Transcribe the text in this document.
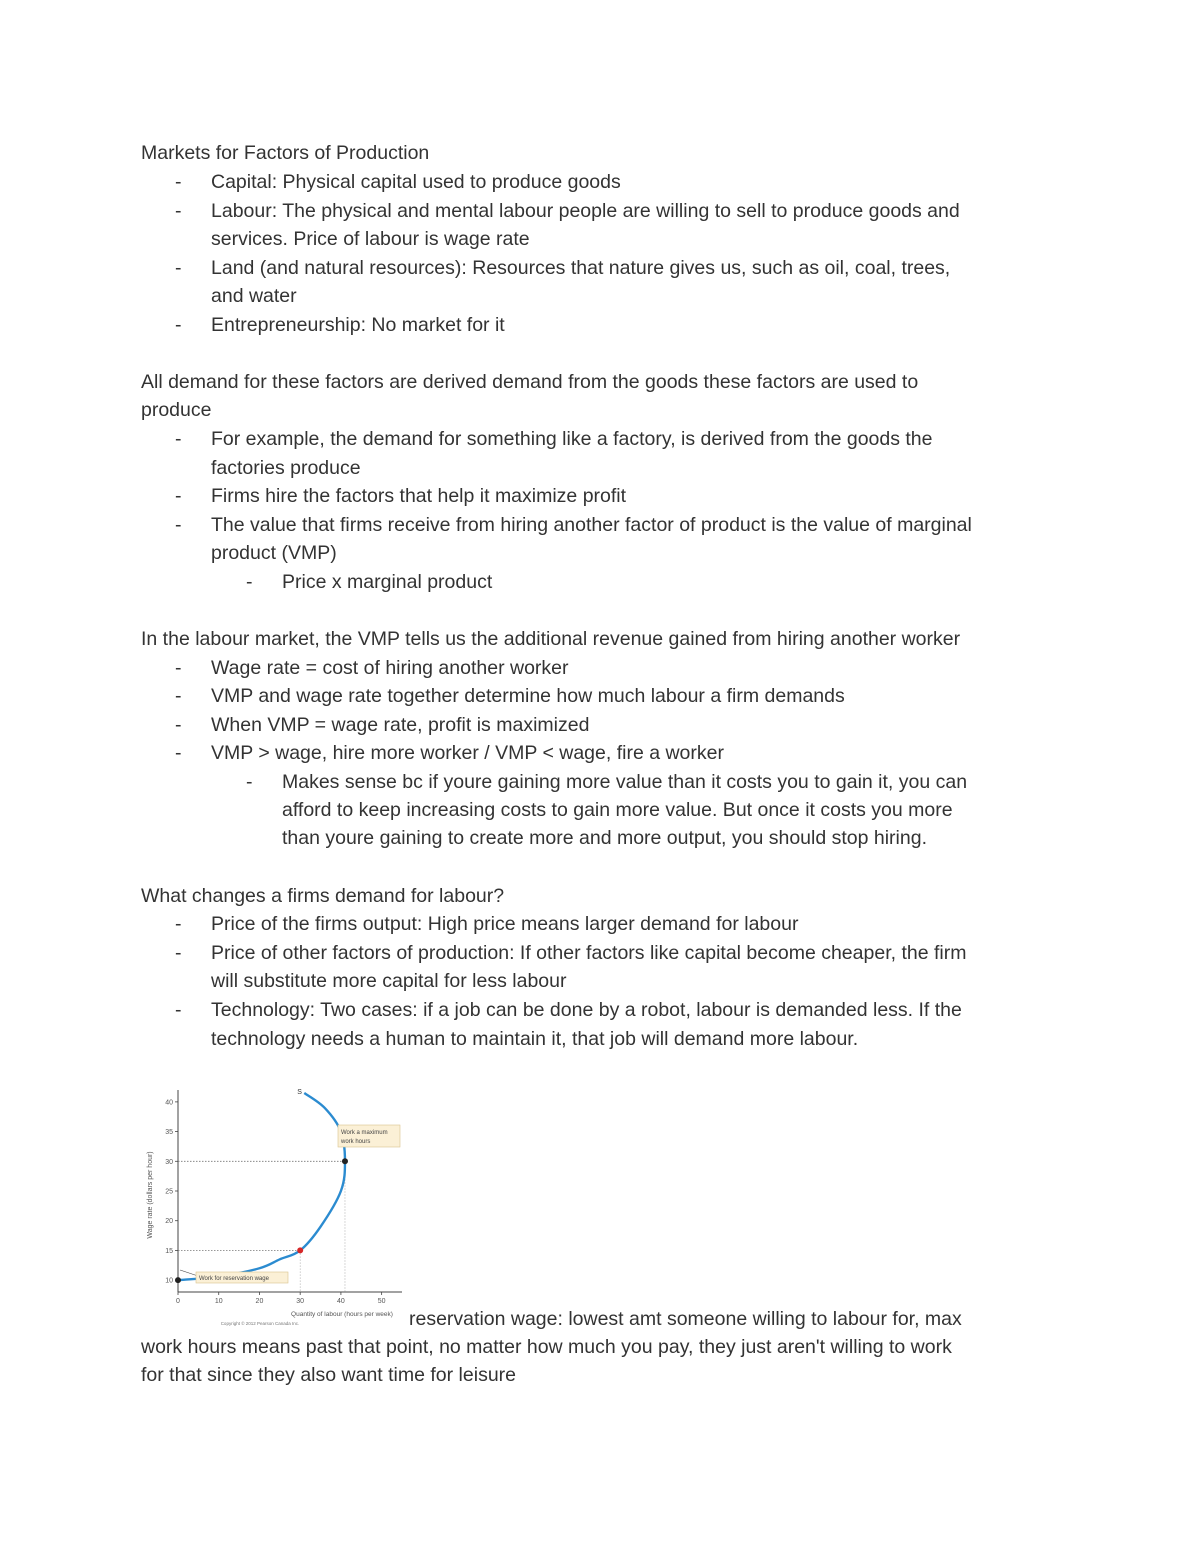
Markets for Factors of Production
- Capital: Physical capital used to produce goods
- Labour: The physical and mental labour people are willing to sell to produce goods and
services. Price of labour is wage rate
- Land (and natural resources): Resources that nature gives us, such as oil, coal, trees,
and water
- Entrepreneurship: No market for it
All demand for these factors are derived demand from the goods these factors are used to
produce
- For example, the demand for something like a factory, is derived from the goods the
factories produce
- Firms hire the factors that help it maximize profit
- The value that firms receive from hiring another factor of product is the value of marginal
product (VMP)
- Price x marginal product
In the labour market, the VMP tells us the additional revenue gained from hiring another worker
- Wage rate = cost of hiring another worker
- VMP and wage rate together determine how much labour a firm demands
- When VMP = wage rate, profit is maximized
- VMP > wage, hire more worker / VMP < wage, fire a worker
- Makes sense bc if youre gaining more value than it costs you to gain it, you can
afford to keep increasing costs to gain more value. But once it costs you more
than youre gaining to create more and more output, you should stop hiring.
What changes a firms demand for labour?
- Price of the firms output: High price means larger demand for labour
- Price of other factors of production: If other factors like capital become cheaper, the firm
will substitute more capital for less labour
- Technology: Two cases: if a job can be done by a robot, labour is demanded less. If the
technology needs a human to maintain it, that job will demand more labour.
Wage rate (dollars per hour)
Quantity of labour (hours per week)
Copyright © 2012 Pearson Canada Inc.
0	10	20	30	40	50
10
15
20
25
30
35
40
S
Work a maximum
work hours
Work for reservation wage
reservation wage: lowest amt someone willing to labour for, max
work hours means past that point, no matter how much you pay, they just aren't willing to work
for that since they also want time for leisure
